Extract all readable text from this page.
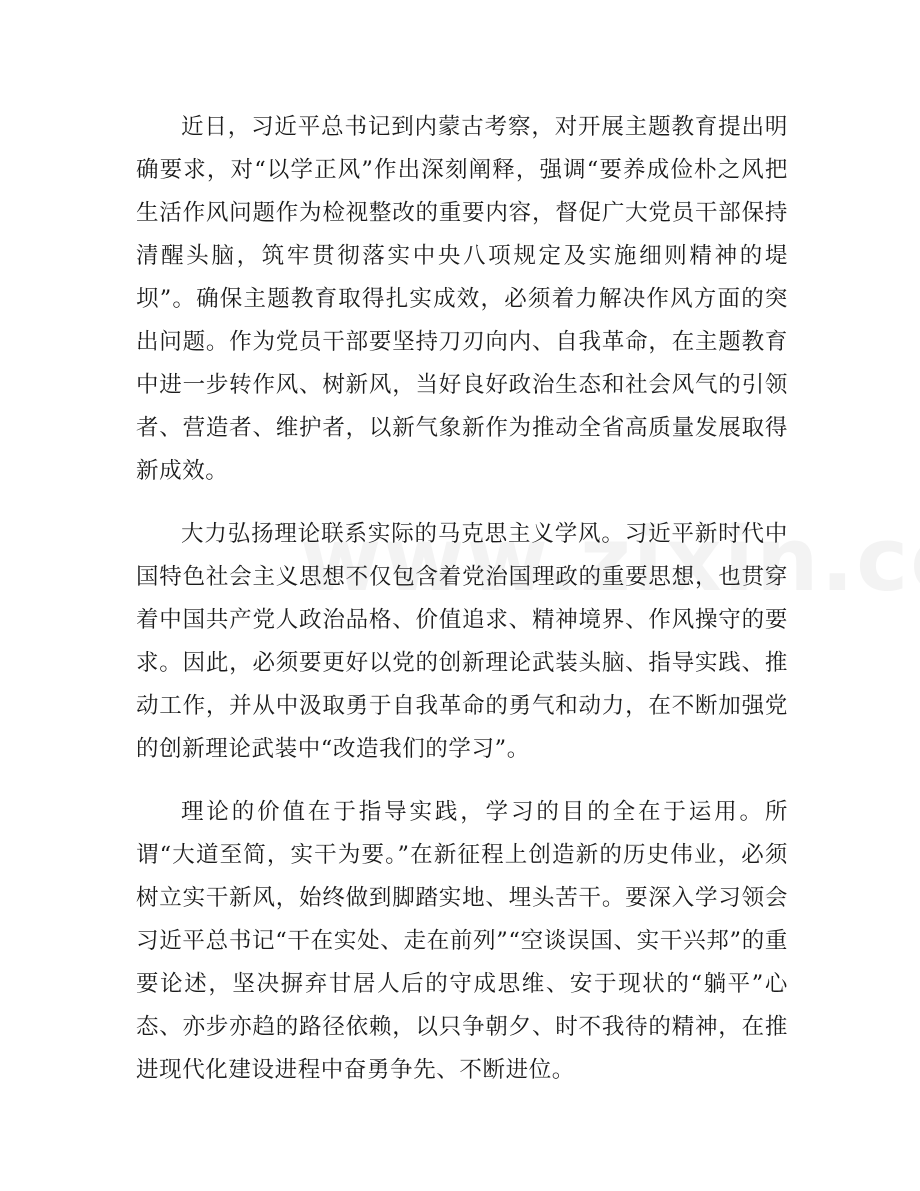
近日，习近平总书记到内蒙古考察，对开展主题教育提出明确要求，对“以学正风”作出深刻阐释，强调“要养成俭朴之风把生活作风问题作为检视整改的重要内容，督促广大党员干部保持清醒头脑，筑牢贯彻落实中央八项规定及实施细则精神的堤坝”。确保主题教育取得扎实成效，必须着力解决作风方面的突出问题。作为党员干部要坚持刀刃向内、自我革命，在主题教育中进一步转作风、树新风，当好良好政治生态和社会风气的引领者、营造者、维护者，以新气象新作为推动全省高质量发展取得新成效。

大力弘扬理论联系实际的马克思主义学风。习近平新时代中国特色社会主义思想不仅包含着党治国理政的重要思想，也贯穿着中国共产党人政治品格、价值追求、精神境界、作风操守的要求。因此，必须要更好以党的创新理论武装头脑、指导实践、推动工作，并从中汲取勇于自我革命的勇气和动力，在不断加强党的创新理论武装中“改造我们的学习”。

理论的价值在于指导实践，学习的目的全在于运用。所谓“大道至简，实干为要。”在新征程上创造新的历史伟业，必须树立实干新风，始终做到脚踏实地、埋头苦干。要深入学习领会习近平总书记“干在实处、走在前列”“空谈误国、实干兴邦”的重要论述，坚决摒弃甘居人后的守成思维、安于现状的“躺平”心态、亦步亦趋的路径依赖，以只争朝夕、时不我待的精神，在推进现代化建设进程中奋勇争先、不断进位。
